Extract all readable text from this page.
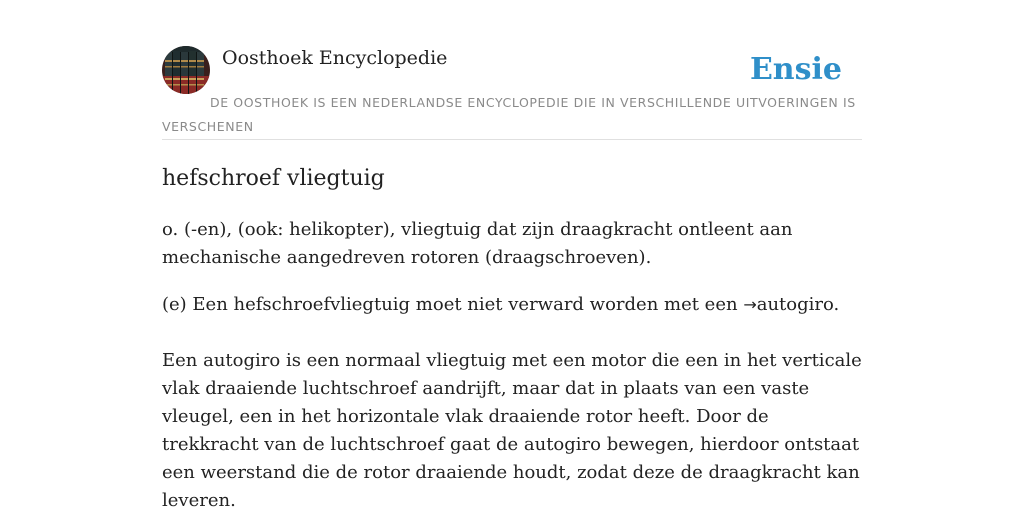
Oosthoek Encyclopedie	Ensie
DE OOSTHOEK IS EEN NEDERLANDSE ENCYCLOPEDIE DIE IN VERSCHILLENDE UITVOERINGEN IS VERSCHENEN
hefschroef vliegtuig

o. (-en), (ook: helikopter), vliegtuig dat zijn draagkracht ontleent aan mechanische aangedreven rotoren (draagschroeven).

(e) Een hefschroefvliegtuig moet niet verward worden met een →autogiro.

Een autogiro is een normaal vliegtuig met een motor die een in het verticale vlak draaiende luchtschroef aandrijft, maar dat in plaats van een vaste vleugel, een in het horizontale vlak draaiende rotor heeft. Door de trekkracht van de luchtschroef gaat de autogiro bewegen, hierdoor ontstaat een weerstand die de rotor draaiende houdt, zodat deze de draagkracht kan leveren.
